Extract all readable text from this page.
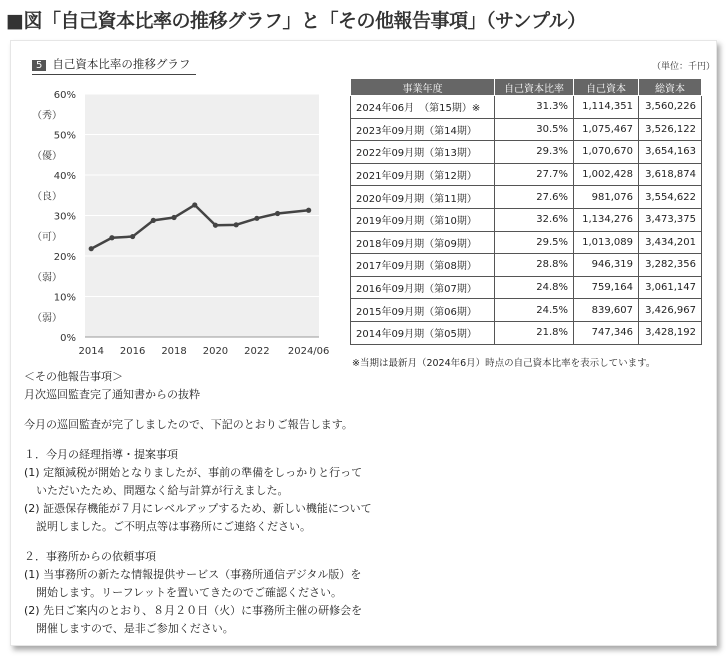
■図「自己資本比率の推移グラフ」と「その他報告事項」（サンプル）
5 自己資本比率の推移グラフ	（単位：千円）
0%
10%
20%
30%
40%
50%
60%
（秀）
（優）
（良）
（可）
（弱）
（弱）
2014 2016 2018 2020 2022 2024/06
事業年度	自己資本比率	自己資本	総資本
2024年06月　（第15期）※	31.3%	1,114,351	3,560,226
2023年09月期（第14期）	30.5%	1,075,467	3,526,122
2022年09月期（第13期）	29.3%	1,070,670	3,654,163
2021年09月期（第12期）	27.7%	1,002,428	3,618,874
2020年09月期（第11期）	27.6%	981,076	3,554,622
2019年09月期（第10期）	32.6%	1,134,276	3,473,375
2018年09月期（第09期）	29.5%	1,013,089	3,434,201
2017年09月期（第08期）	28.8%	946,319	3,282,356
2016年09月期（第07期）	24.8%	759,164	3,061,147
2015年09月期（第06期）	24.5%	839,607	3,426,967
2014年09月期（第05期）	21.8%	747,346	3,428,192
※当期は最新月（2024年6月）時点の自己資本比率を表示しています。
＜その他報告事項＞
月次巡回監査完了通知書からの抜粋
今月の巡回監査が完了しましたので、下記のとおりご報告します。
１．今月の経理指導・提案事項
(1) 定額減税が開始となりましたが、事前の準備をしっかりと行って
いただいたため、問題なく給与計算が行えました。
(2) 証憑保存機能が７月にレベルアップするため、新しい機能について
説明しました。ご不明点等は事務所にご連絡ください。
２．事務所からの依頼事項
(1) 当事務所の新たな情報提供サービス（事務所通信デジタル版）を
開始します。リーフレットを置いてきたのでご確認ください。
(2) 先日ご案内のとおり、８月２０日（火）に事務所主催の研修会を
開催しますので、是非ご参加ください。
